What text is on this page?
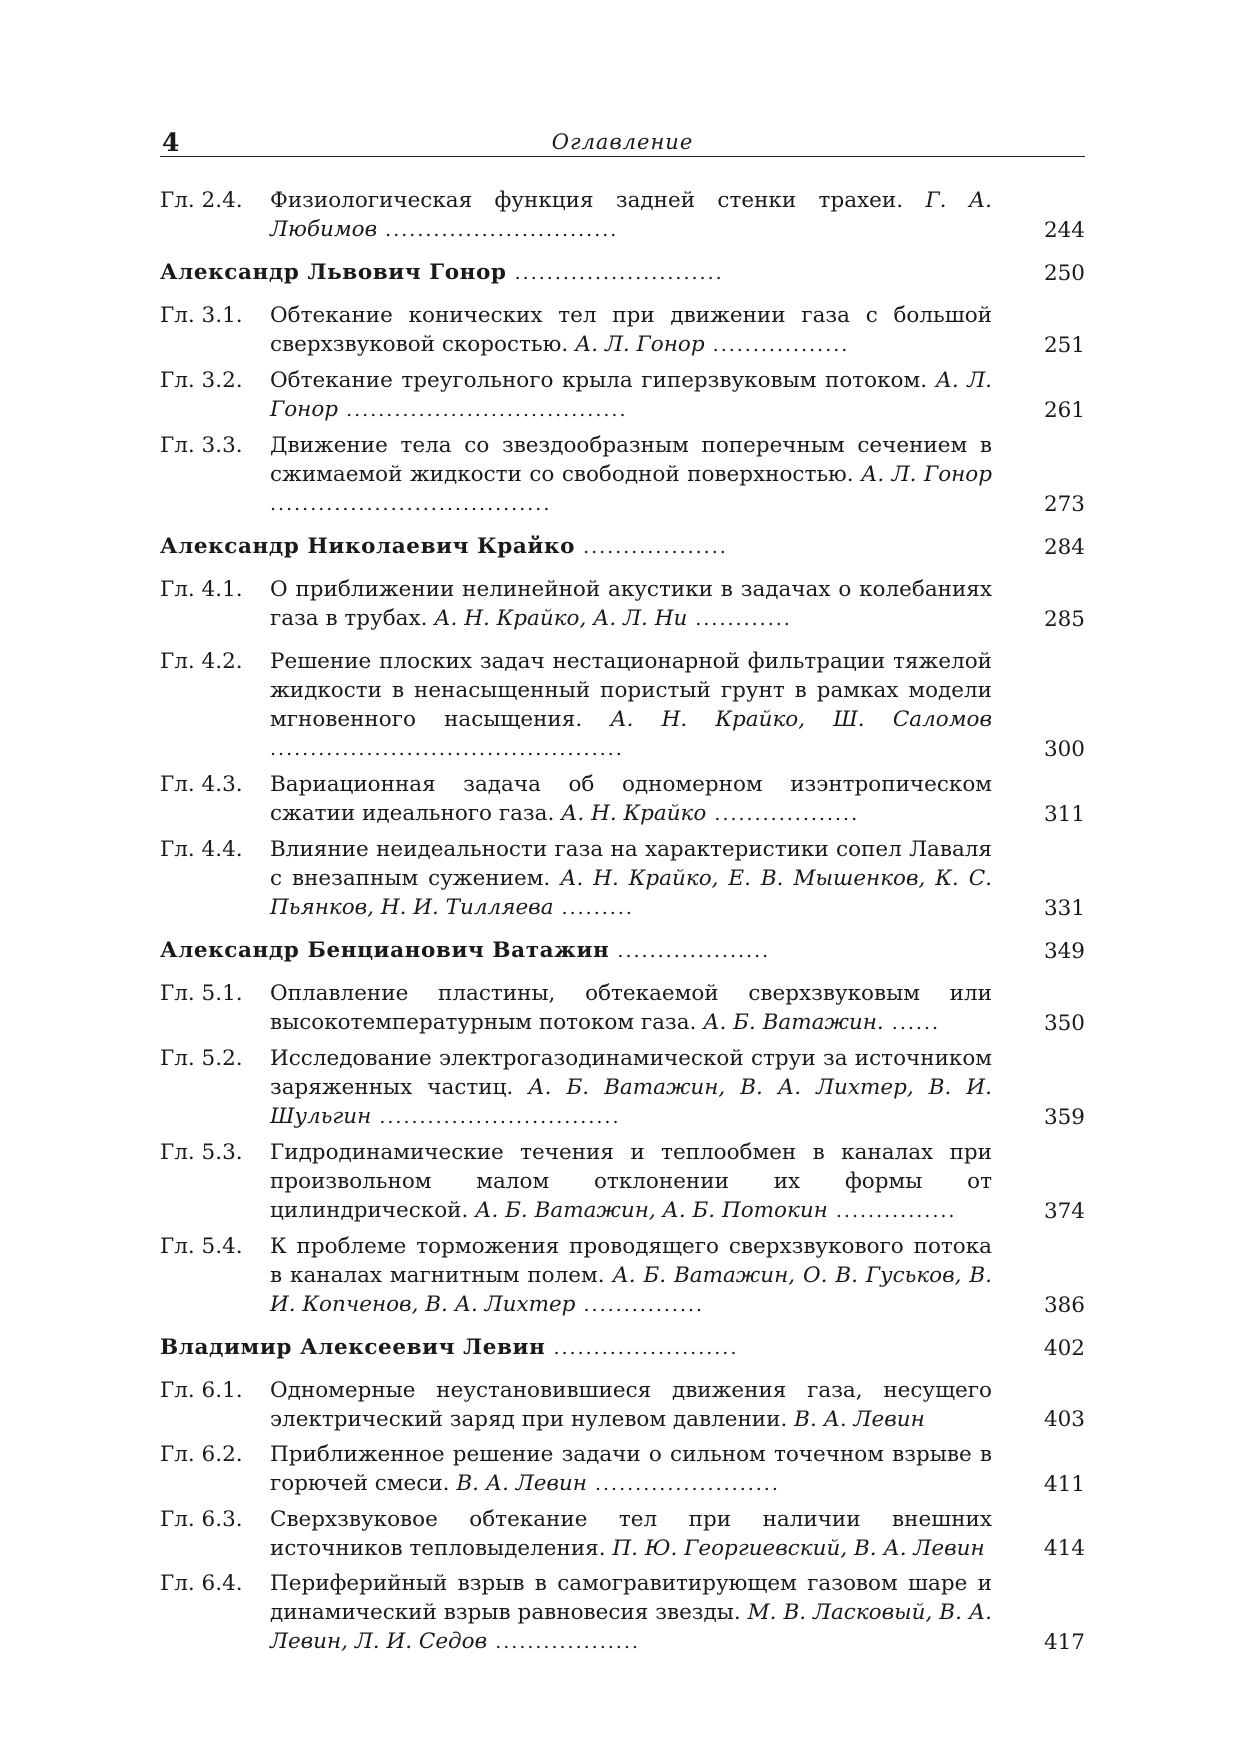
4	Оглавление
Гл. 2.4.	Физиологическая функция задней стенки трахеи. Г. А. Любимов .............................	244
Александр Львович Гонор ..........................	250
Гл. 3.1.	Обтекание конических тел при движении газа с большой сверхзвуковой скоростью. А. Л. Гонор .................	251
Гл. 3.2.	Обтекание треугольного крыла гиперзвуковым потоком. А. Л. Гонор ...................................	261
Гл. 3.3.	Движение тела со звездообразным поперечным сечением в сжимаемой жидкости со свободной поверхностью. А. Л. Гонор ...................................	273
Александр Николаевич Крайко ..................	284
Гл. 4.1.	О приближении нелинейной акустики в задачах о колебаниях газа в трубах. А. Н. Крайко, А. Л. Ни ............	285
Гл. 4.2.	Решение плоских задач нестационарной фильтрации тяжелой жидкости в ненасыщенный пористый грунт в рамках модели мгновенного насыщения. А. Н. Крайко, Ш. Саломов ............................................	300
Гл. 4.3.	Вариационная задача об одномерном изэнтропическом сжатии идеального газа. А. Н. Крайко ..................	311
Гл. 4.4.	Влияние неидеальности газа на характеристики сопел Лаваля с внезапным сужением. А. Н. Крайко, Е. В. Мышенков, К. С. Пьянков, Н. И. Тилляева .........	331
Александр Бенцианович Ватажин ...................	349
Гл. 5.1.	Оплавление пластины, обтекаемой сверхзвуковым или высокотемпературным потоком газа. А. Б. Ватажин. ......	350
Гл. 5.2.	Исследование электрогазодинамической струи за источником заряженных частиц. А. Б. Ватажин, В. А. Лихтер, В. И. Шульгин ..............................	359
Гл. 5.3.	Гидродинамические течения и теплообмен в каналах при произвольном малом отклонении их формы от цилиндрической. А. Б. Ватажин, А. Б. Потокин ...............	374
Гл. 5.4.	К проблеме торможения проводящего сверхзвукового потока в каналах магнитным полем. А. Б. Ватажин, О. В. Гуськов, В. И. Копченов, В. А. Лихтер ...............	386
Владимир Алексеевич Левин .......................	402
Гл. 6.1.	Одномерные неустановившиеся движения газа, несущего электрический заряд при нулевом давлении. В. А. Левин	403
Гл. 6.2.	Приближенное решение задачи о сильном точечном взрыве в горючей смеси. В. А. Левин .......................	411
Гл. 6.3.	Сверхзвуковое обтекание тел при наличии внешних источников тепловыделения. П. Ю. Георгиевский, В. А. Левин	414
Гл. 6.4.	Периферийный взрыв в самогравитирующем газовом шаре и динамический взрыв равновесия звезды. М. В. Ласковый, В. А. Левин, Л. И. Седов ..................	417
